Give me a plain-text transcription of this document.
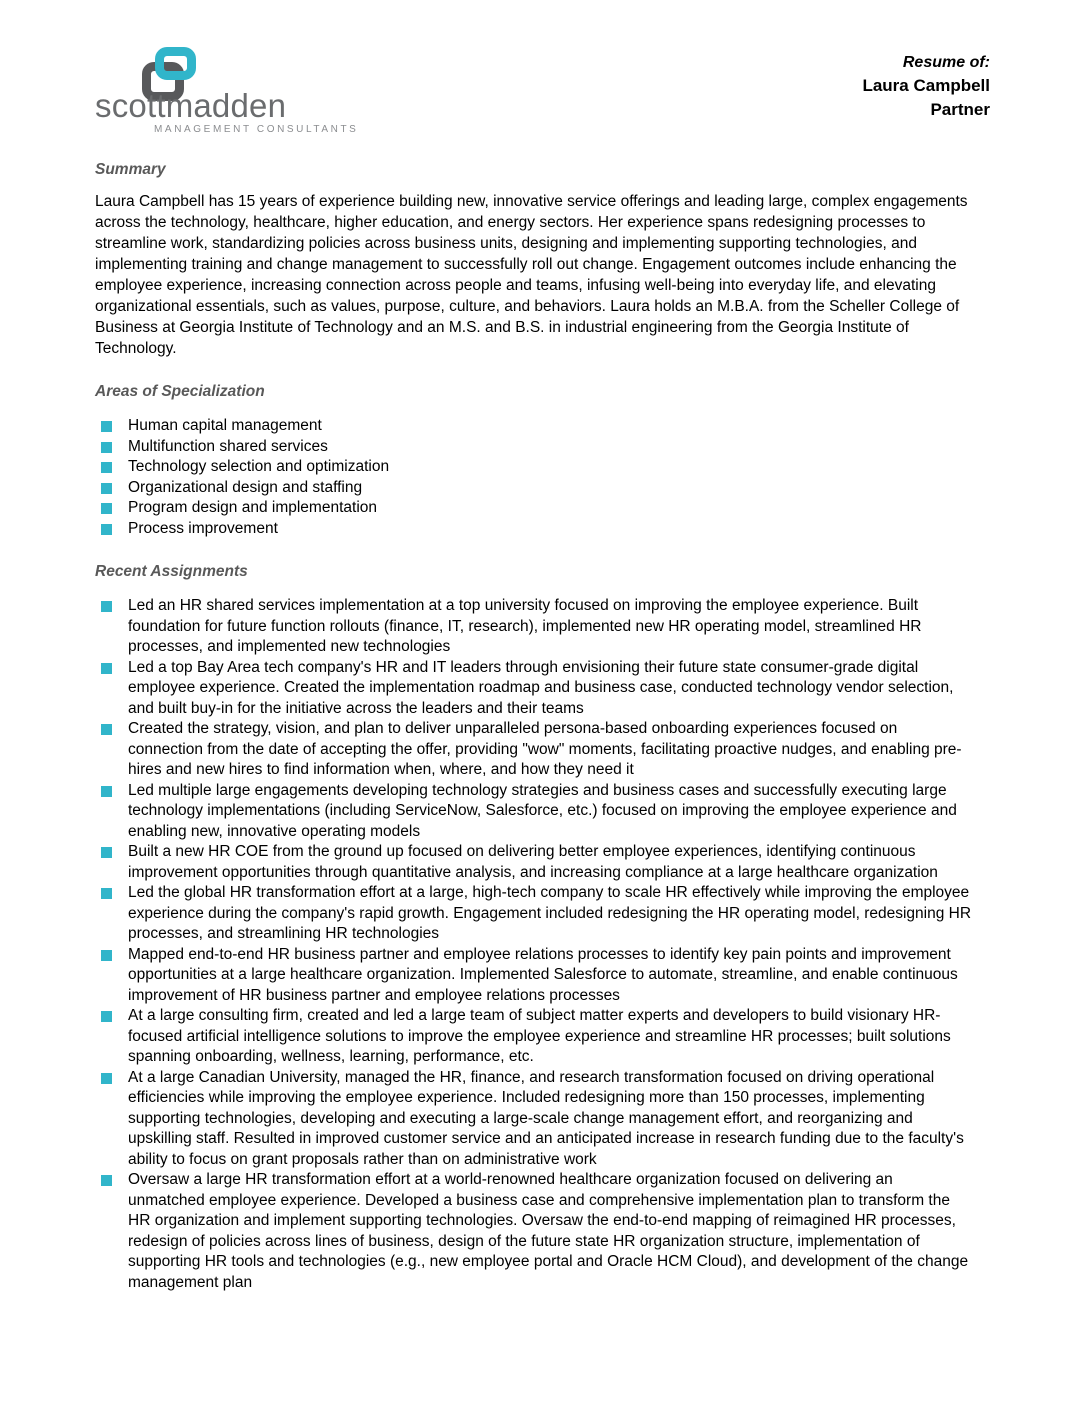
scottmadden
MANAGEMENT CONSULTANTS
Resume of:
Laura Campbell
Partner
Summary

Laura Campbell has 15 years of experience building new, innovative service offerings and leading large, complex engagements across the technology, healthcare, higher education, and energy sectors. Her experience spans redesigning processes to streamline work, standardizing policies across business units, designing and implementing supporting technologies, and implementing training and change management to successfully roll out change. Engagement outcomes include enhancing the employee experience, increasing connection across people and teams, infusing well-being into everyday life, and elevating organizational essentials, such as values, purpose, culture, and behaviors. Laura holds an M.B.A. from the Scheller College of Business at Georgia Institute of Technology and an M.S. and B.S. in industrial engineering from the Georgia Institute of Technology.

Areas of Specialization
Human capital management
Multifunction shared services
Technology selection and optimization
Organizational design and staffing
Program design and implementation
Process improvement
Recent Assignments
Led an HR shared services implementation at a top university focused on improving the employee experience. Built foundation for future function rollouts (finance, IT, research), implemented new HR operating model, streamlined HR processes, and implemented new technologies
Led a top Bay Area tech company's HR and IT leaders through envisioning their future state consumer-grade digital employee experience. Created the implementation roadmap and business case, conducted technology vendor selection, and built buy-in for the initiative across the leaders and their teams
Created the strategy, vision, and plan to deliver unparalleled persona-based onboarding experiences focused on connection from the date of accepting the offer, providing "wow" moments, facilitating proactive nudges, and enabling pre-hires and new hires to find information when, where, and how they need it
Led multiple large engagements developing technology strategies and business cases and successfully executing large technology implementations (including ServiceNow, Salesforce, etc.) focused on improving the employee experience and enabling new, innovative operating models
Built a new HR COE from the ground up focused on delivering better employee experiences, identifying continuous improvement opportunities through quantitative analysis, and increasing compliance at a large healthcare organization
Led the global HR transformation effort at a large, high-tech company to scale HR effectively while improving the employee experience during the company's rapid growth. Engagement included redesigning the HR operating model, redesigning HR processes, and streamlining HR technologies
Mapped end-to-end HR business partner and employee relations processes to identify key pain points and improvement opportunities at a large healthcare organization. Implemented Salesforce to automate, streamline, and enable continuous improvement of HR business partner and employee relations processes
At a large consulting firm, created and led a large team of subject matter experts and developers to build visionary HR-focused artificial intelligence solutions to improve the employee experience and streamline HR processes; built solutions spanning onboarding, wellness, learning, performance, etc.
At a large Canadian University, managed the HR, finance, and research transformation focused on driving operational efficiencies while improving the employee experience. Included redesigning more than 150 processes, implementing supporting technologies, developing and executing a large-scale change management effort, and reorganizing and upskilling staff. Resulted in improved customer service and an anticipated increase in research funding due to the faculty's ability to focus on grant proposals rather than on administrative work
Oversaw a large HR transformation effort at a world-renowned healthcare organization focused on delivering an unmatched employee experience. Developed a business case and comprehensive implementation plan to transform the HR organization and implement supporting technologies. Oversaw the end-to-end mapping of reimagined HR processes, redesign of policies across lines of business, design of the future state HR organization structure, implementation of supporting HR tools and technologies (e.g., new employee portal and Oracle HCM Cloud), and development of the change management plan
